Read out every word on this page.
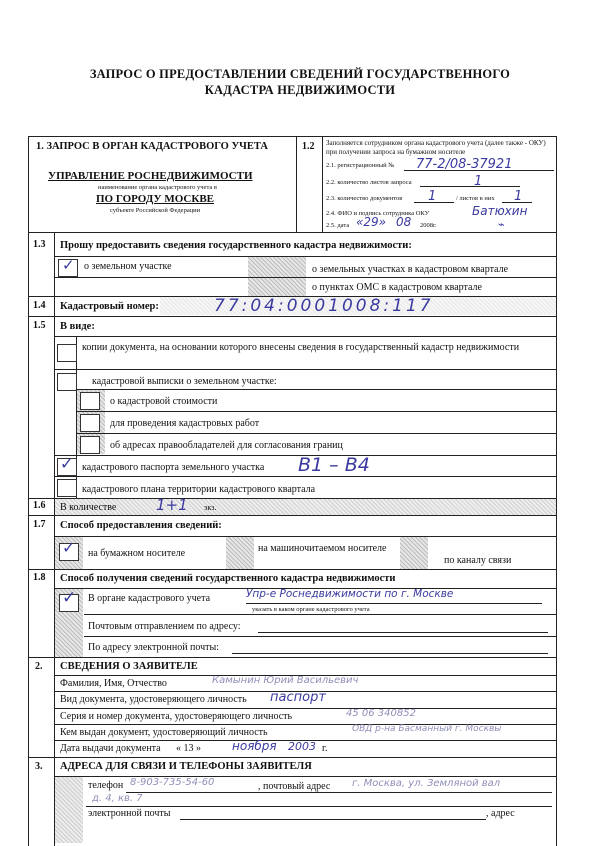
ЗАПРОС О ПРЕДОСТАВЛЕНИИ СВЕДЕНИЙ ГОСУДАРСТВЕННОГО
КАДАСТРА НЕДВИЖИМОСТИ
1. ЗАПРОС В ОРГАН КАДАСТРОВОГО УЧЕТА
УПРАВЛЕНИЕ РОСНЕДВИЖИМОСТИ
наименование органа кадастрового учета в
ПО ГОРОДУ МОСКВЕ
субъекте Российской Федерации
1.2 Заполняется сотрудником органа кадастрового учета (далее также - ОКУ) при получении запроса на бумажном носителе
2.1. регистрационный № 77-2/08-37921
2.2. количество листов запроса	1
2.3. количество документов 1	/ листов в них 1
2.4. ФИО и подпись сотрудника ОКУ	Батюхин
2.5. дата «29» 08 2008г.	⌁
1.3 Прошу предоставить сведения государственного кадастра недвижимости:
✓ о земельном участке	о земельных участках в кадастровом квартале
о пунктах ОМС в кадастровом квартале
1.4 Кадастровый номер:	77:04:0001008:117
1.5 В виде:
копии документа, на основании которого внесены сведения в государственный кадастр недвижимости
кадастровой выписки о земельном участке:
о кадастровой стоимости
для проведения кадастровых работ
об адресах правообладателей для согласования границ
✓ кадастрового паспорта земельного участка B1 – B4
кадастрового плана территории кадастрового квартала
1.6 В количестве	1+1 экз.
1.7 Способ предоставления сведений:
✓ на бумажном носителе	на машиночитаемом носителе
по каналу связи
1.8 Способ получения сведений государственного кадастра недвижимости
✓ В органе кадастрового учета	Упр-е Роснедвижимости по г. Москве
указать в каком органе кадастрового учета
Почтовым отправлением по адресу:
По адресу электронной почты:
2. СВЕДЕНИЯ О ЗАЯВИТЕЛЕ
Фамилия, Имя, Отчество	Камынин Юрий Васильевич
Вид документа, удостоверяющего личность паспорт
Серия и номер документа, удостоверяющего личность	45 06 340852
Кем выдан документ, удостоверяющий личность	ОВД р-на Басманный г. Москвы
Дата выдачи документа « 13 »	ноября 2003 г.
3. АДРЕСА ДЛЯ СВЯЗИ И ТЕЛЕФОНЫ ЗАЯВИТЕЛЯ
телефон 8-903-735-54-60	, почтовый адрес г. Москва, ул. Земляной вал
д. 4, кв. 7
электронной почты	, адрес
